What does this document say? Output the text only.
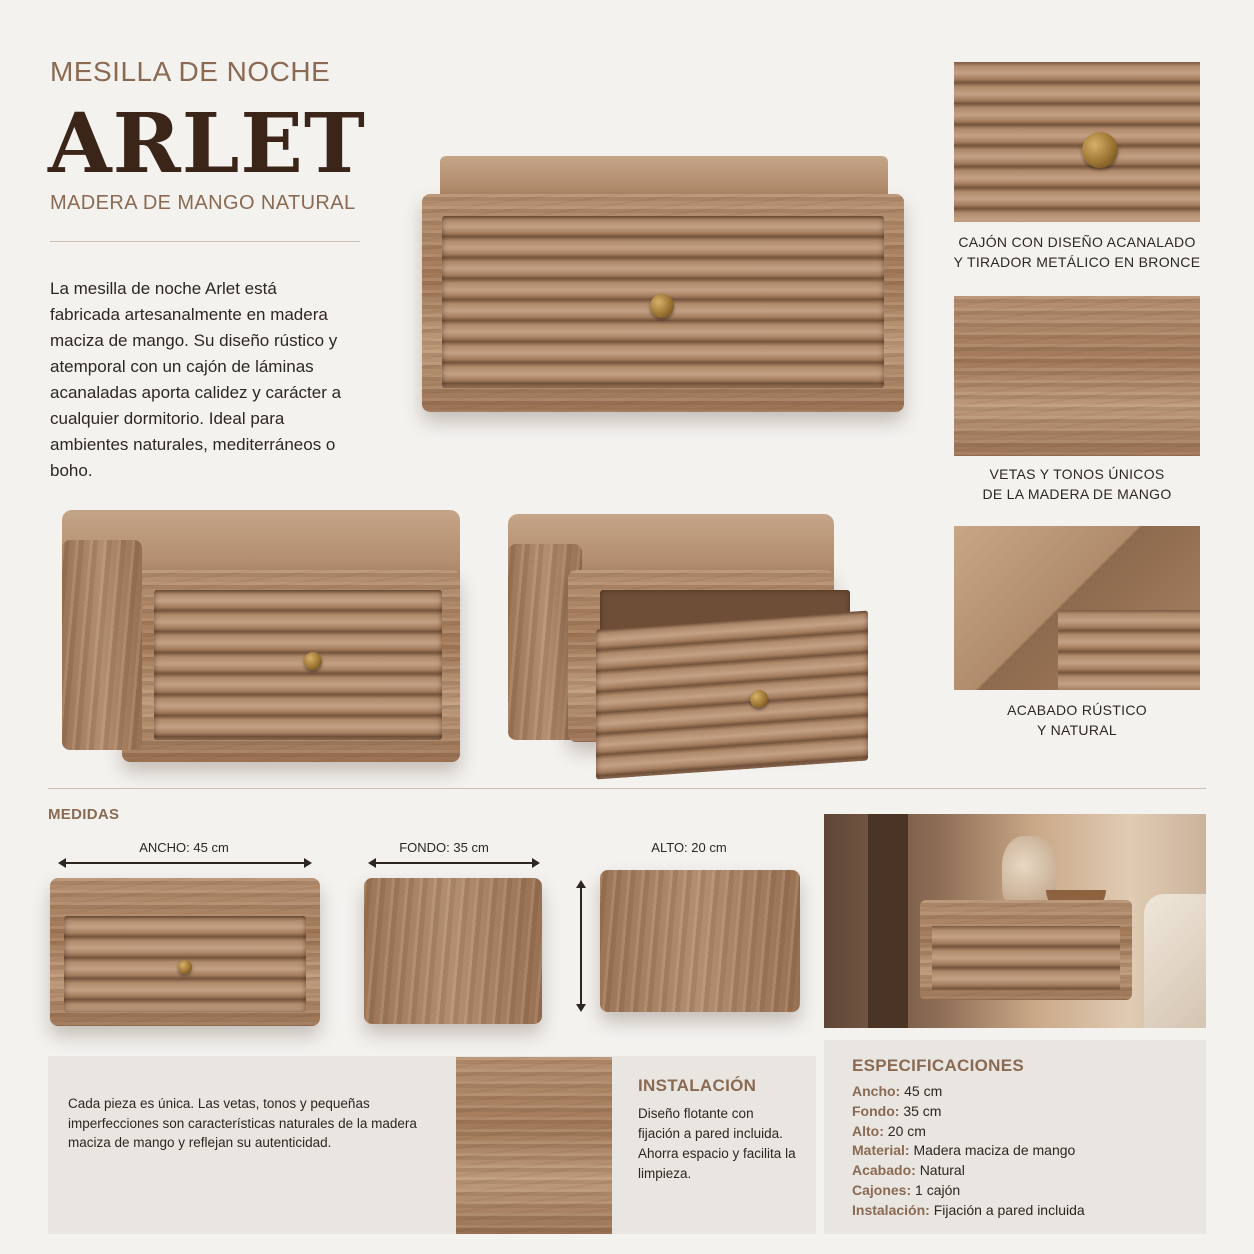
MESILLA DE NOCHE
ARLET
MADERA DE MANGO NATURAL
La mesilla de noche Arlet está fabricada artesanalmente en madera maciza de mango. Su diseño rústico y atemporal con un cajón de láminas acanaladas aporta calidez y carácter a cualquier dormitorio. Ideal para ambientes naturales, mediterráneos o boho.
CAJÓN CON DISEÑO ACANALADO
Y TIRADOR METÁLICO EN BRONCE
VETAS Y TONOS ÚNICOS
DE LA MADERA DE MANGO
ACABADO RÚSTICO
Y NATURAL
MEDIDAS
ANCHO: 45 cm	FONDO: 35 cm	ALTO: 20 cm
Cada pieza es única. Las vetas, tonos y pequeñas imperfecciones son características naturales de la madera maciza de mango y reflejan su autenticidad.
INSTALACIÓN
Diseño flotante con fijación a pared incluida. Ahorra espacio y facilita la limpieza.
ESPECIFICACIONES
Ancho: 45 cm
Fondo: 35 cm
Alto: 20 cm
Material: Madera maciza de mango
Acabado: Natural
Cajones: 1 cajón
Instalación: Fijación a pared incluida
